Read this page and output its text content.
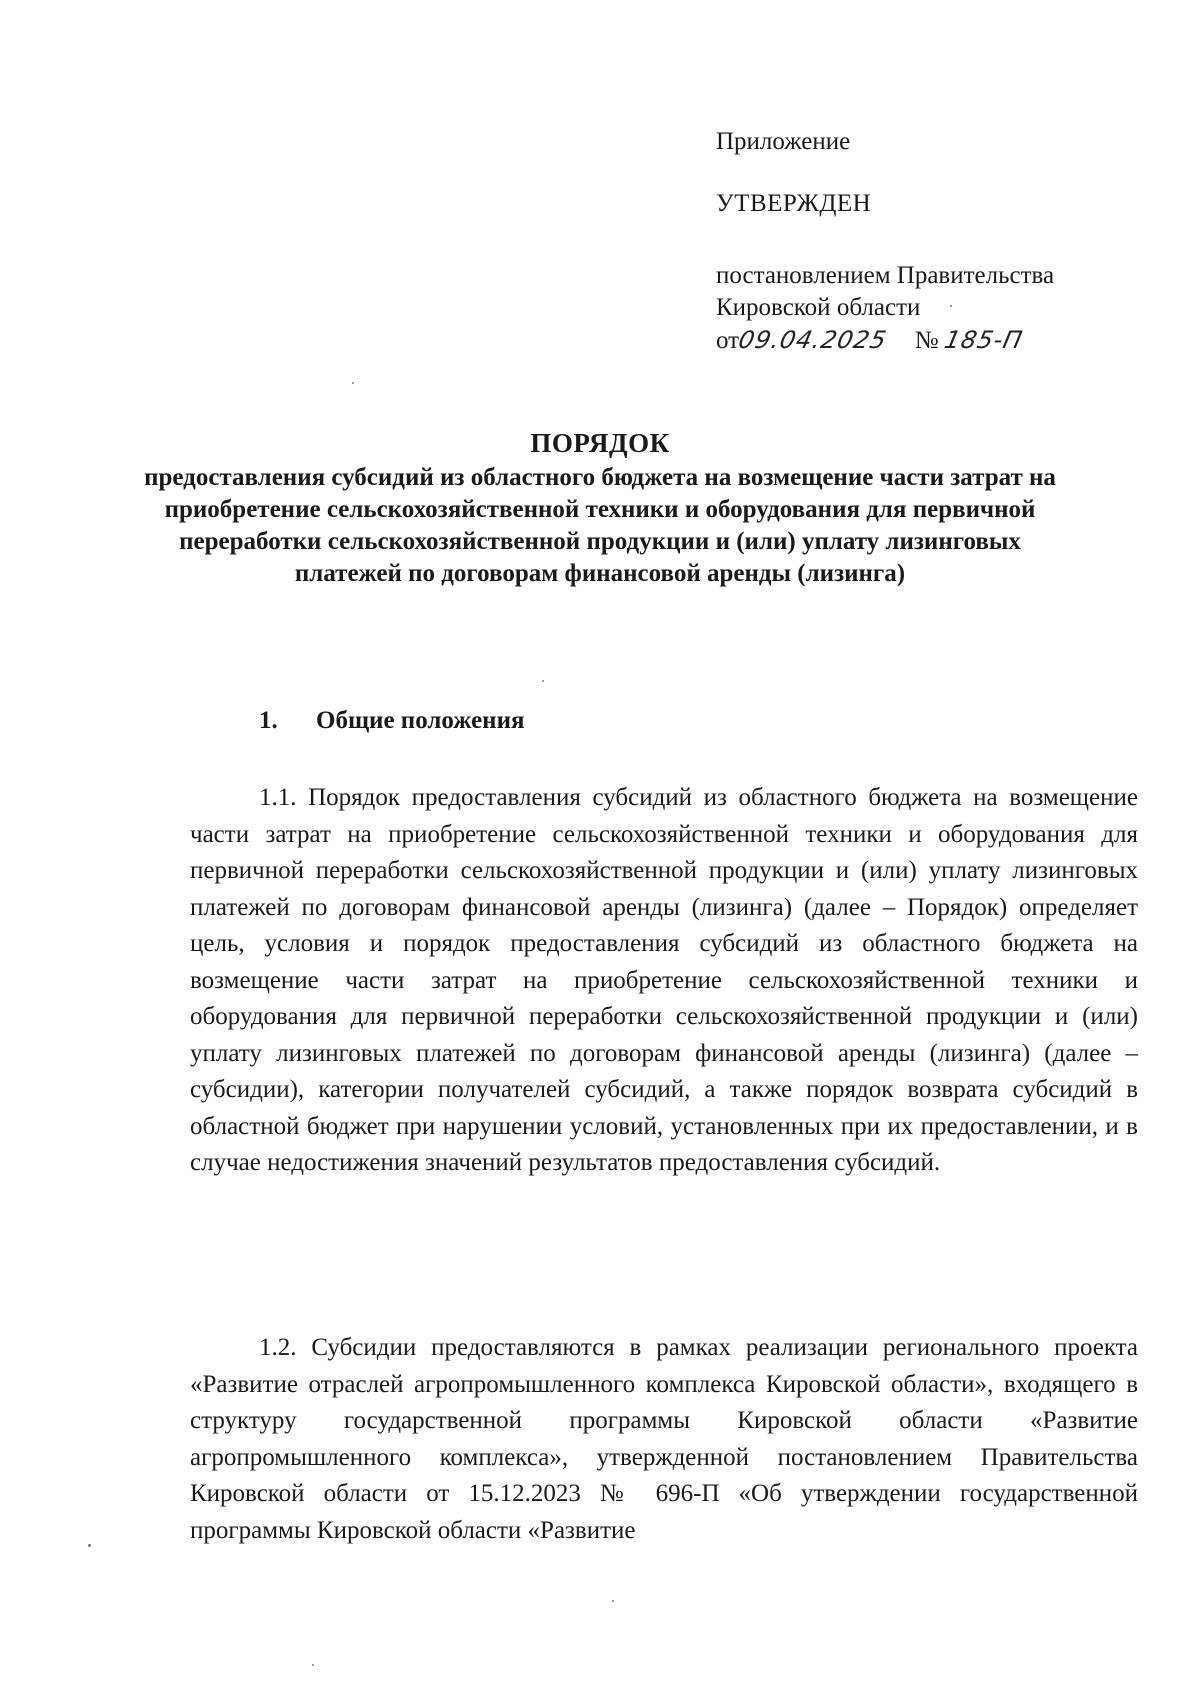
Приложение
УТВЕРЖДЕН
постановлением Правительства
Кировской области
от09.04.2025 № 185-П
ПОРЯДОК
предоставления субсидий из областного бюджета на возмещение части затрат на приобретение сельскохозяйственной техники и оборудования для первичной переработки сельскохозяйственной продукции и (или) уплату лизинговых платежей по договорам финансовой аренды (лизинга)
1. Общие положения
1.1. Порядок предоставления субсидий из областного бюджета на возмещение части затрат на приобретение сельскохозяйственной техники и оборудования для первичной переработки сельскохозяйственной продукции и (или) уплату лизинговых платежей по договорам финансовой аренды (лизинга) (далее – Порядок) определяет цель, условия и порядок предоставления субсидий из областного бюджета на возмещение части затрат на приобретение сельскохозяйственной техники и оборудования для первичной переработки сельскохозяйственной продукции и (или) уплату лизинговых платежей по договорам финансовой аренды (лизинга) (далее – субсидии), категории получателей субсидий, а также порядок возврата субсидий в областной бюджет при нарушении условий, установленных при их предоставлении, и в случае недостижения значений результатов предоставления субсидий.
1.2. Субсидии предоставляются в рамках реализации регионального проекта «Развитие отраслей агропромышленного комплекса Кировской области», входящего в структуру государственной программы Кировской области «Развитие агропромышленного комплекса», утвержденной постановлением Правительства Кировской области от 15.12.2023 № 696-П «Об утверждении государственной программы Кировской области «Развитие
